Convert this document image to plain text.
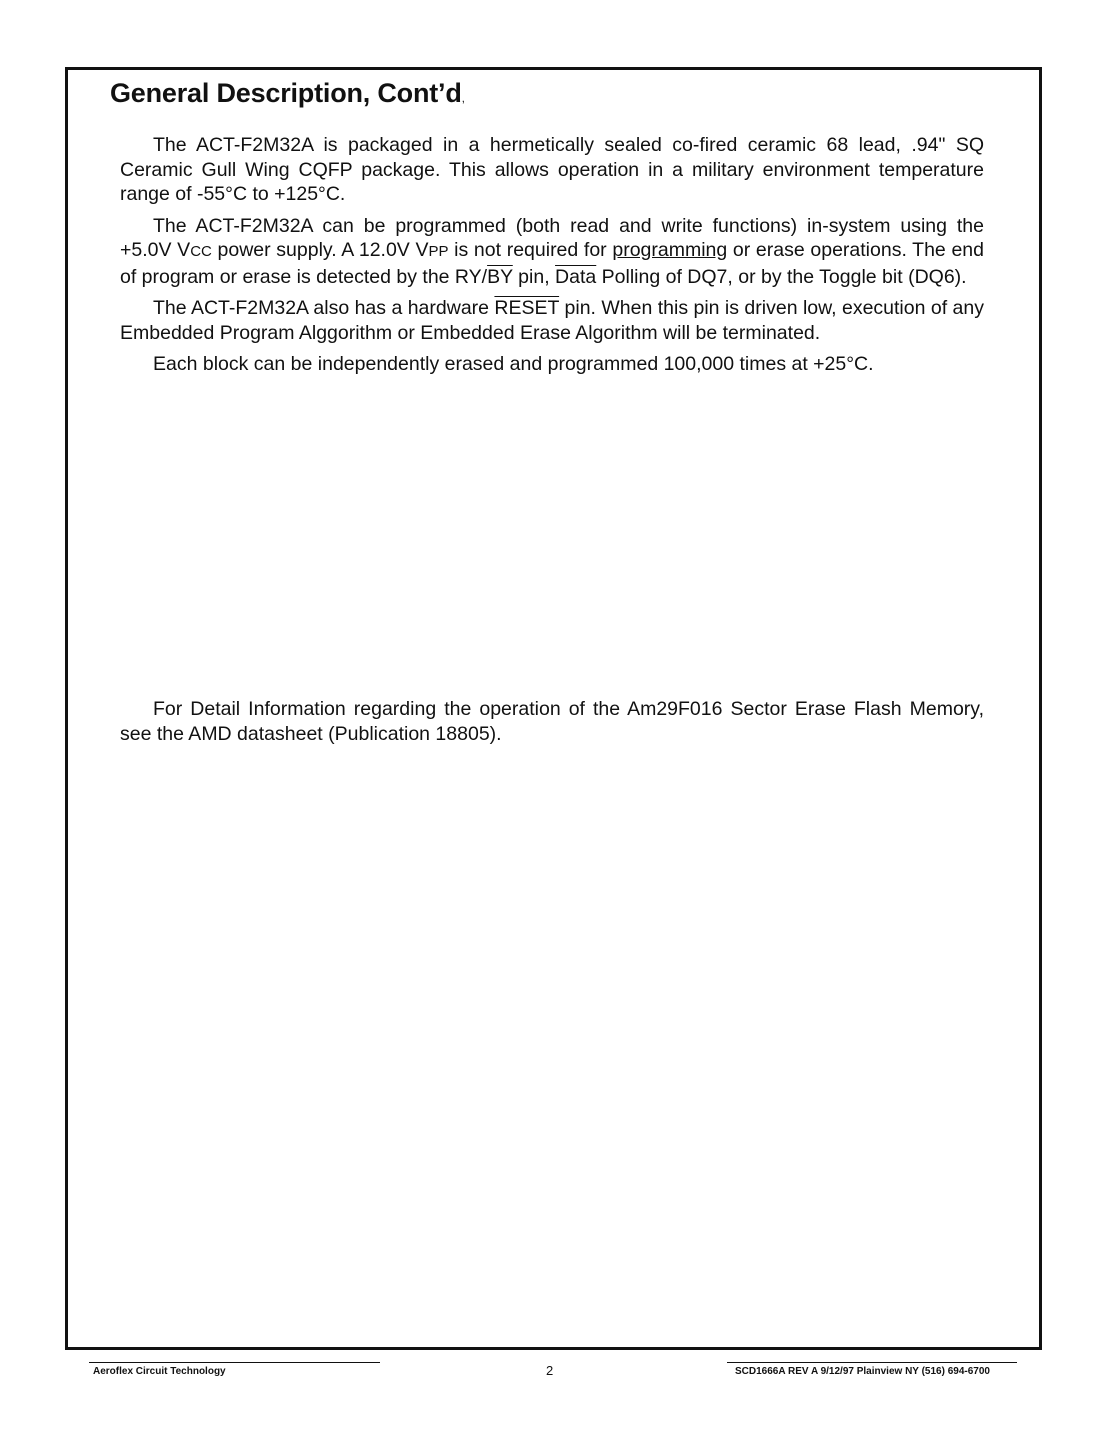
General Description, Cont’d,

The ACT-F2M32A is packaged in a hermetically sealed co-fired ceramic 68 lead, .94" SQ Ceramic Gull Wing CQFP package. This allows operation in a military environment temperature range of -55°C to +125°C.

The ACT-F2M32A can be programmed (both read and write functions) in-system using the +5.0V VCC power supply. A 12.0V VPP is not required for programming or erase operations. The end of program or erase is detected by the $RY/\overline{BY}$ pin, Data Polling of DQ7, or by the Toggle bit (DQ6).

The ACT-F2M32A also has a hardware RESET pin. When this pin is driven low, execution of any Embedded Program Alggorithm or Embedded Erase Algorithm will be terminated.

Each block can be independently erased and programmed 100,000 times at +25°C.

For Detail Information regarding the operation of the Am29F016 Sector Erase Flash Memory, see the AMD datasheet (Publication 18805).

Aeroflex Circuit Technology	2	SCD1666A REV A 9/12/97 Plainview NY (516) 694-6700
